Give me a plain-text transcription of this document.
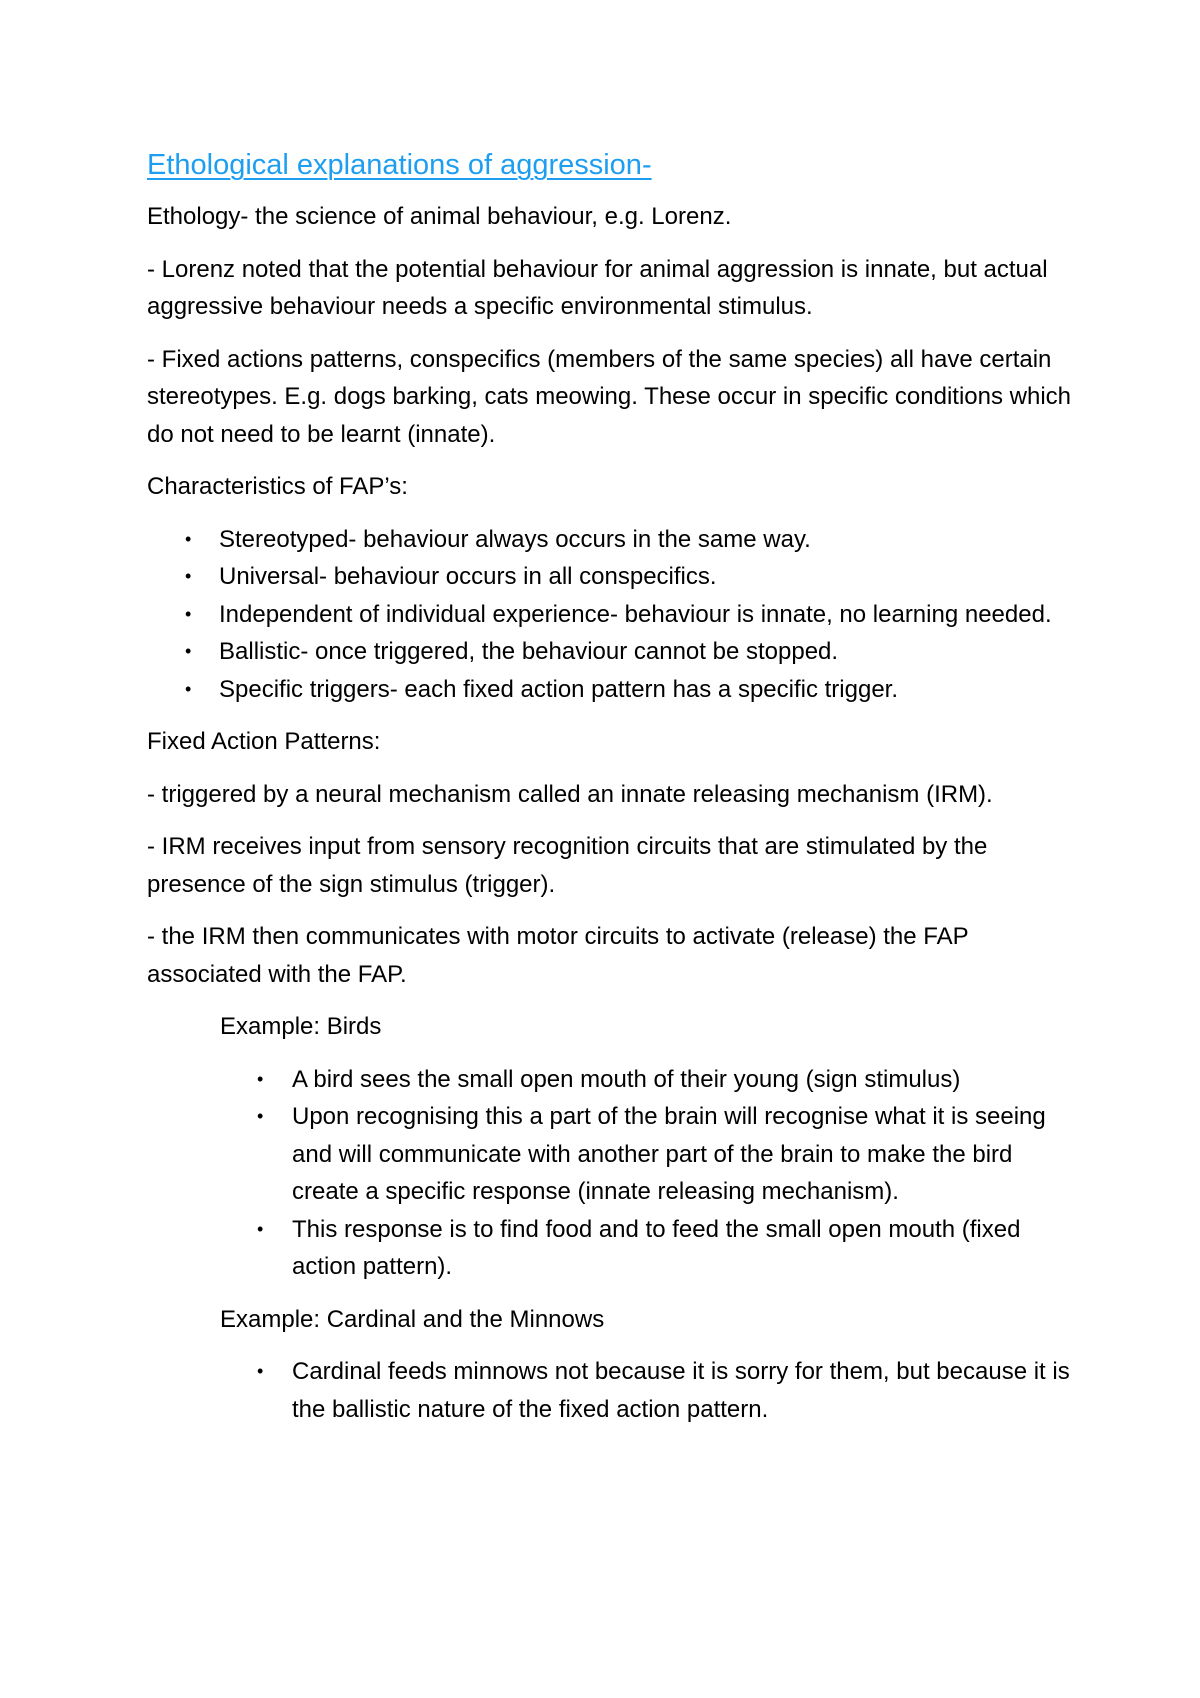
Ethological explanations of aggression-

Ethology- the science of animal behaviour, e.g. Lorenz.

- Lorenz noted that the potential behaviour for animal aggression is innate, but actual aggressive behaviour needs a specific environmental stimulus.

- Fixed actions patterns, conspecifics (members of the same species) all have certain stereotypes. E.g. dogs barking, cats meowing. These occur in specific conditions which do not need to be learnt (innate).

Characteristics of FAP’s:

• Stereotyped- behaviour always occurs in the same way.
• Universal- behaviour occurs in all conspecifics.
• Independent of individual experience- behaviour is innate, no learning needed.
• Ballistic- once triggered, the behaviour cannot be stopped.
• Specific triggers- each fixed action pattern has a specific trigger.

Fixed Action Patterns:

- triggered by a neural mechanism called an innate releasing mechanism (IRM).

- IRM receives input from sensory recognition circuits that are stimulated by the presence of the sign stimulus (trigger).

- the IRM then communicates with motor circuits to activate (release) the FAP associated with the FAP.

Example: Birds

• A bird sees the small open mouth of their young (sign stimulus)
• Upon recognising this a part of the brain will recognise what it is seeing and will communicate with another part of the brain to make the bird create a specific response (innate releasing mechanism).
• This response is to find food and to feed the small open mouth (fixed action pattern).

Example: Cardinal and the Minnows

• Cardinal feeds minnows not because it is sorry for them, but because it is the ballistic nature of the fixed action pattern.
